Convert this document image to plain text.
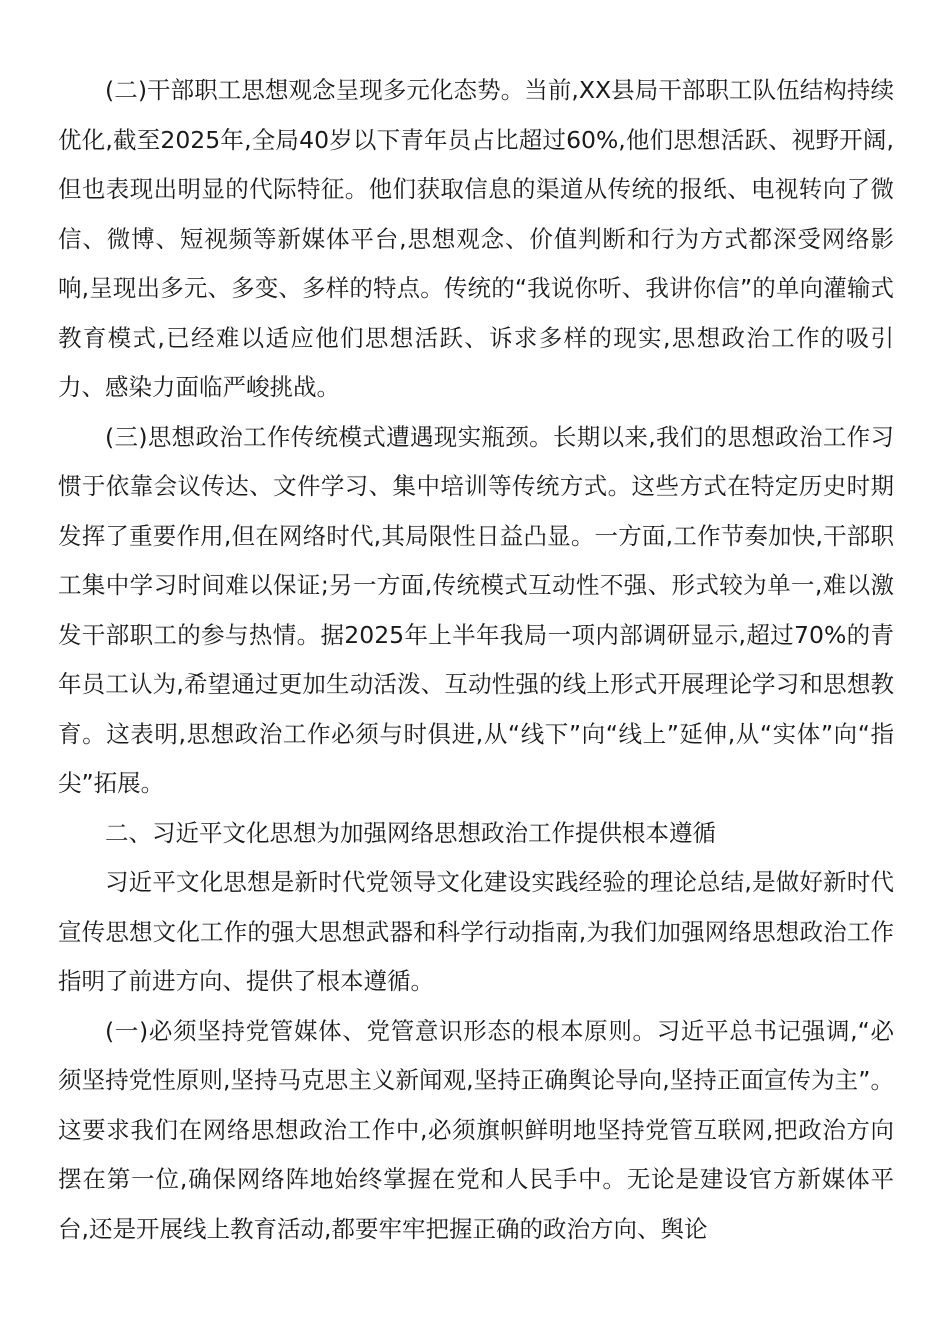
(二)干部职工思想观念呈现多元化态势。当前,XX县局干部职工队伍结构持续优化,截至2025年,全局40岁以下青年员占比超过60%,他们思想活跃、视野开阔,但也表现出明显的代际特征。他们获取信息的渠道从传统的报纸、电视转向了微信、微博、短视频等新媒体平台,思想观念、价值判断和行为方式都深受网络影响,呈现出多元、多变、多样的特点。传统的“我说你听、我讲你信”的单向灌输式教育模式,已经难以适应他们思想活跃、诉求多样的现实,思想政治工作的吸引力、感染力面临严峻挑战。

(三)思想政治工作传统模式遭遇现实瓶颈。长期以来,我们的思想政治工作习惯于依靠会议传达、文件学习、集中培训等传统方式。这些方式在特定历史时期发挥了重要作用,但在网络时代,其局限性日益凸显。一方面,工作节奏加快,干部职工集中学习时间难以保证;另一方面,传统模式互动性不强、形式较为单一,难以激发干部职工的参与热情。据2025年上半年我局一项内部调研显示,超过70%的青年员工认为,希望通过更加生动活泼、互动性强的线上形式开展理论学习和思想教育。这表明,思想政治工作必须与时俱进,从“线下”向“线上”延伸,从“实体”向“指尖”拓展。

二、习近平文化思想为加强网络思想政治工作提供根本遵循

习近平文化思想是新时代党领导文化建设实践经验的理论总结,是做好新时代宣传思想文化工作的强大思想武器和科学行动指南,为我们加强网络思想政治工作指明了前进方向、提供了根本遵循。

(一)必须坚持党管媒体、党管意识形态的根本原则。习近平总书记强调,“必须坚持党性原则,坚持马克思主义新闻观,坚持正确舆论导向,坚持正面宣传为主”。这要求我们在网络思想政治工作中,必须旗帜鲜明地坚持党管互联网,把政治方向摆在第一位,确保网络阵地始终掌握在党和人民手中。无论是建设官方新媒体平台,还是开展线上教育活动,都要牢牢把握正确的政治方向、舆论
